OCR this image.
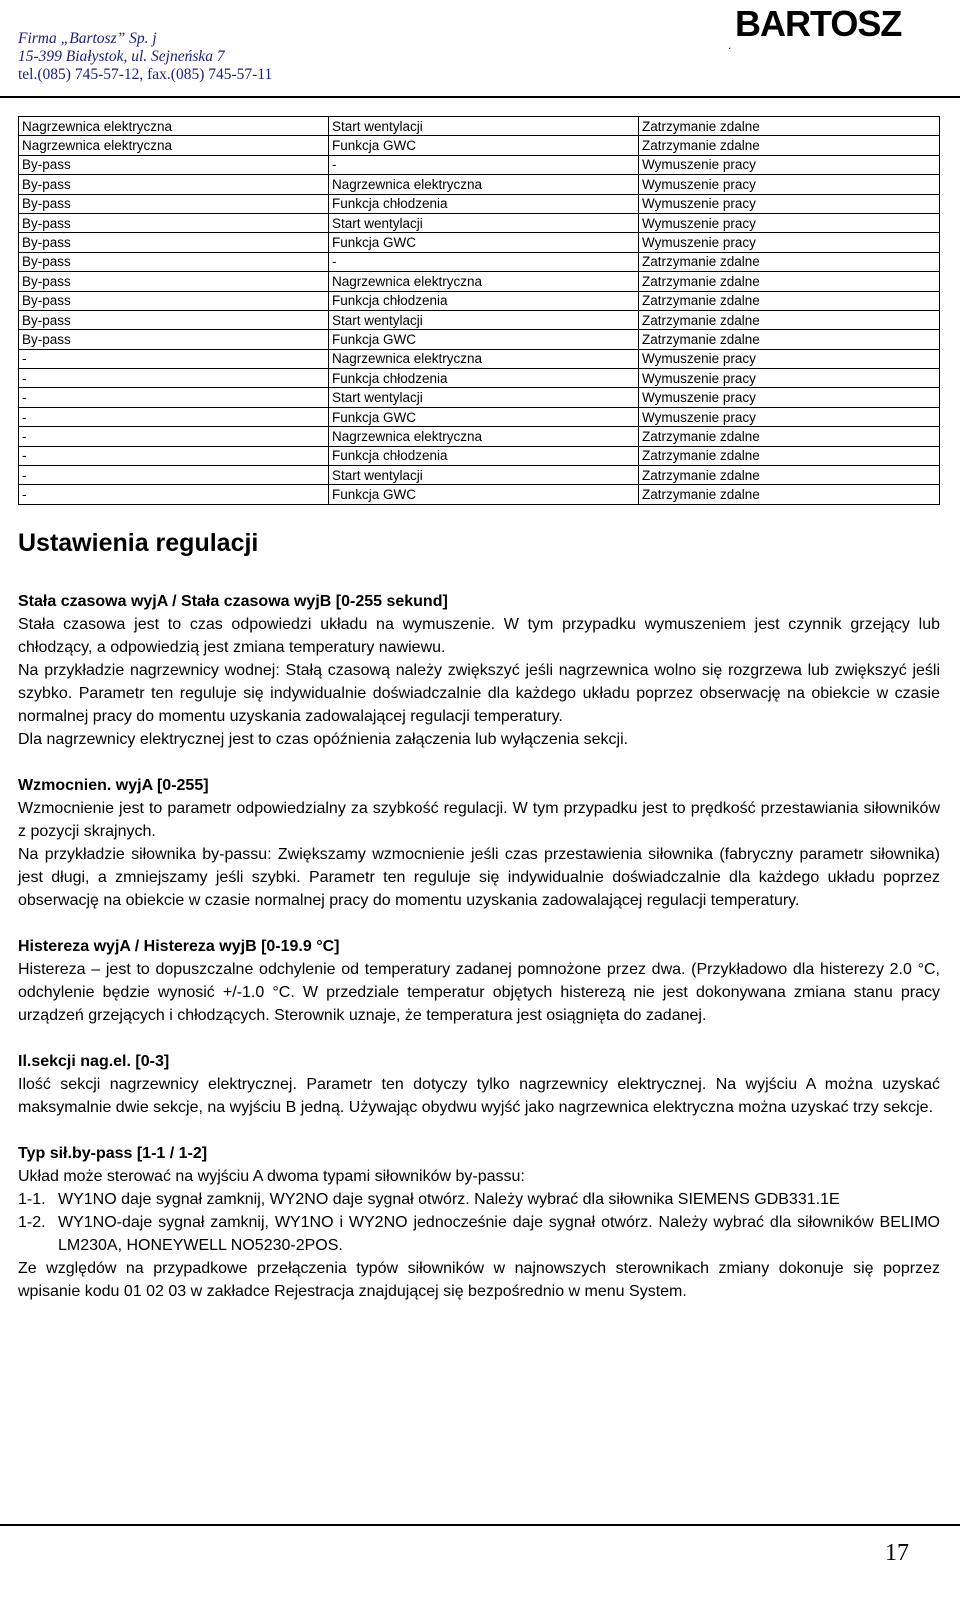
Firma „Bartosz” Sp. j
15-399 Białystok, ul. Sejneńska 7
tel.(085) 745-57-12, fax.(085) 745-57-11
.
BARTOSZ
Nagrzewnica elektryczna	Start wentylacji	Zatrzymanie zdalne
Nagrzewnica elektryczna	Funkcja GWC	Zatrzymanie zdalne
By-pass	-	Wymuszenie pracy
By-pass	Nagrzewnica elektryczna	Wymuszenie pracy
By-pass	Funkcja chłodzenia	Wymuszenie pracy
By-pass	Start wentylacji	Wymuszenie pracy
By-pass	Funkcja GWC	Wymuszenie pracy
By-pass	-	Zatrzymanie zdalne
By-pass	Nagrzewnica elektryczna	Zatrzymanie zdalne
By-pass	Funkcja chłodzenia	Zatrzymanie zdalne
By-pass	Start wentylacji	Zatrzymanie zdalne
By-pass	Funkcja GWC	Zatrzymanie zdalne
-	Nagrzewnica elektryczna	Wymuszenie pracy
-	Funkcja chłodzenia	Wymuszenie pracy
-	Start wentylacji	Wymuszenie pracy
-	Funkcja GWC	Wymuszenie pracy
-	Nagrzewnica elektryczna	Zatrzymanie zdalne
-	Funkcja chłodzenia	Zatrzymanie zdalne
-	Start wentylacji	Zatrzymanie zdalne
-	Funkcja GWC	Zatrzymanie zdalne
Ustawienia regulacji

Stała czasowa wyjA / Stała czasowa wyjB [0-255 sekund]

Stała czasowa jest to czas odpowiedzi układu na wymuszenie. W tym przypadku wymuszeniem jest czynnik grzejący lub chłodzący, a odpowiedzią jest zmiana temperatury nawiewu.

Na przykładzie nagrzewnicy wodnej: Stałą czasową należy zwiększyć jeśli nagrzewnica wolno się rozgrzewa lub zwiększyć jeśli szybko. Parametr ten reguluje się indywidualnie doświadczalnie dla każdego układu poprzez obserwację na obiekcie w czasie normalnej pracy do momentu uzyskania zadowalającej regulacji temperatury.

Dla nagrzewnicy elektrycznej jest to czas opóźnienia załączenia lub wyłączenia sekcji.

Wzmocnien. wyjA [0-255]

Wzmocnienie jest to parametr odpowiedzialny za szybkość regulacji. W tym przypadku jest to prędkość przestawiania siłowników z pozycji skrajnych.

Na przykładzie siłownika by-passu: Zwiększamy wzmocnienie jeśli czas przestawienia siłownika (fabryczny parametr siłownika) jest długi, a zmniejszamy jeśli szybki. Parametr ten reguluje się indywidualnie doświadczalnie dla każdego układu poprzez obserwację na obiekcie w czasie normalnej pracy do momentu uzyskania zadowalającej regulacji temperatury.

Histereza wyjA / Histereza wyjB [0-19.9 °C]

Histereza – jest to dopuszczalne odchylenie od temperatury zadanej pomnożone przez dwa. (Przykładowo dla histerezy 2.0 °C, odchylenie będzie wynosić +/-1.0 °C. W przedziale temperatur objętych histerezą nie jest dokonywana zmiana stanu pracy urządzeń grzejących i chłodzących. Sterownik uznaje, że temperatura jest osiągnięta do zadanej.

Il.sekcji nag.el. [0-3]

Ilość sekcji nagrzewnicy elektrycznej. Parametr ten dotyczy tylko nagrzewnicy elektrycznej. Na wyjściu A można uzyskać maksymalnie dwie sekcje, na wyjściu B jedną. Używając obydwu wyjść jako nagrzewnica elektryczna można uzyskać trzy sekcje.

Typ sił.by-pass [1-1 / 1-2]

Układ może sterować na wyjściu A dwoma typami siłowników by-passu:

1-1. WY1NO daje sygnał zamknij, WY2NO daje sygnał otwórz. Należy wybrać dla siłownika SIEMENS GDB331.1E
1-2. WY1NO-daje sygnał zamknij, WY1NO i WY2NO jednocześnie daje sygnał otwórz. Należy wybrać dla siłowników BELIMO LM230A, HONEYWELL NO5230-2POS.

Ze względów na przypadkowe przełączenia typów siłowników w najnowszych sterownikach zmiany dokonuje się poprzez wpisanie kodu 01 02 03 w zakładce Rejestracja znajdującej się bezpośrednio w menu System.

17
